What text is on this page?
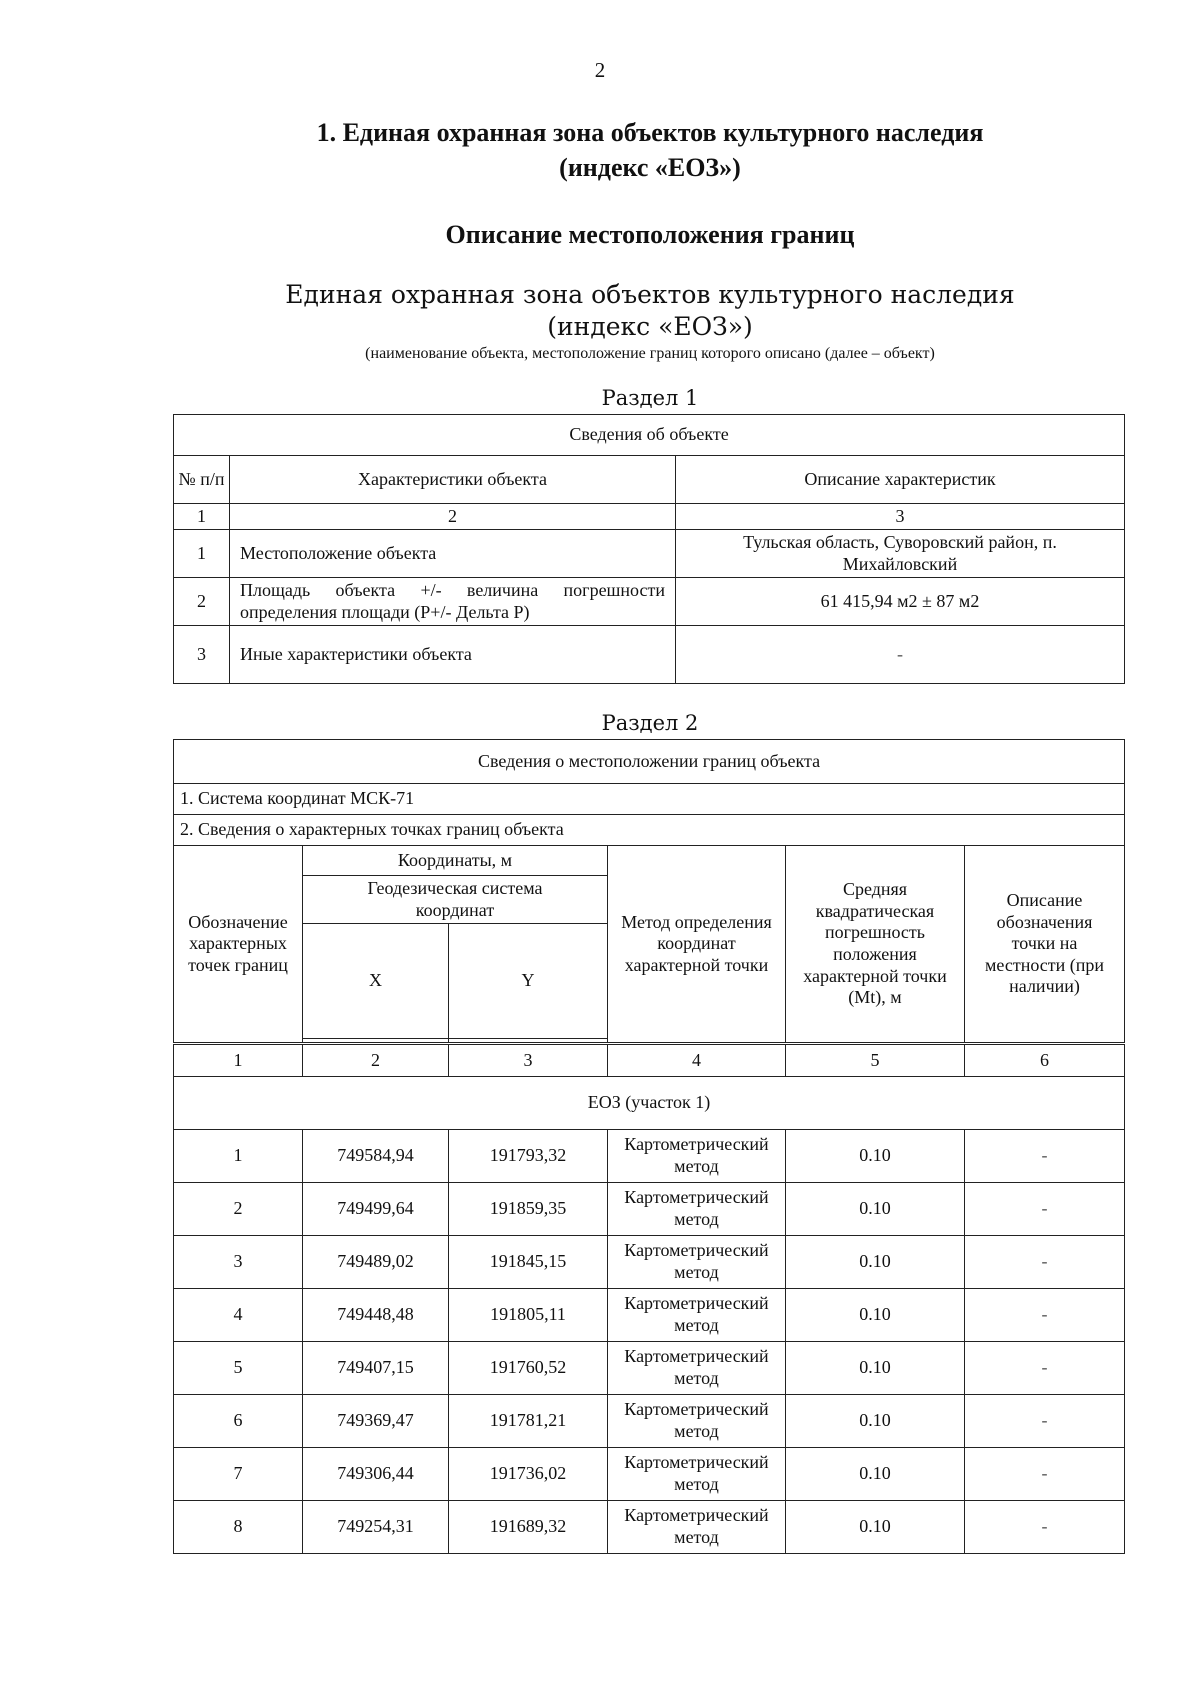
2
1. Единая охранная зона объектов культурного наследия
(индекс «ЕОЗ»)
Описание местоположения границ
Единая охранная зона объектов культурного наследия
(индекс «ЕОЗ»)
(наименование объекта, местоположение границ которого описано (далее – объект)
Раздел 1
Сведения об объекте		
№ п/п	Характеристики объекта	Описание характеристик
1	2	3
1	Местоположение объекта	Тульская область, Суворовский район, п. Михайловский
2	Площадь объекта +/- величина погрешности определения площади (Р+/- Дельта Р)	61 415,94 м2 ± 87 м2
3	Иные характеристики объекта	-
Раздел 2
Сведения о местоположении границ объекта					
1. Система координат МСК-71					
2. Сведения о характерных точках границ объекта					
Обозначение характерных точек границ	Координаты, м		Метод определения координат характерной точки	Средняя квадратическая погрешность положения характерной точки (Mt), м	Описание обозначения точки на местности (при наличии)
	Геодезическая система координат				
	X	Y			

1	2	3	4	5	6
ЕОЗ (участок 1)					
1	749584,94	191793,32	Картометрический метод	0.10	-
2	749499,64	191859,35	Картометрический метод	0.10	-
3	749489,02	191845,15	Картометрический метод	0.10	-
4	749448,48	191805,11	Картометрический метод	0.10	-
5	749407,15	191760,52	Картометрический метод	0.10	-
6	749369,47	191781,21	Картометрический метод	0.10	-
7	749306,44	191736,02	Картометрический метод	0.10	-
8	749254,31	191689,32	Картометрический метод	0.10	-
